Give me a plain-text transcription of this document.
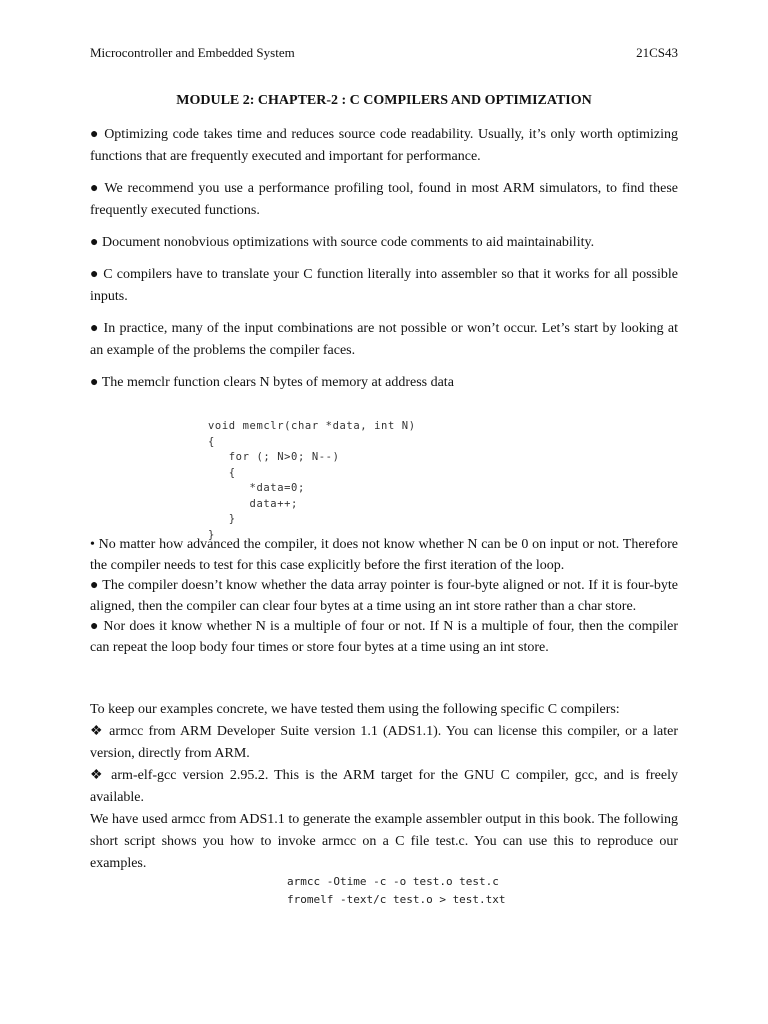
Microcontroller and Embedded System	21CS43
MODULE 2: CHAPTER-2 : C COMPILERS AND OPTIMIZATION

● Optimizing code takes time and reduces source code readability. Usually, it’s only worth optimizing functions that are frequently executed and important for performance.

● We recommend you use a performance profiling tool, found in most ARM simulators, to find these frequently executed functions.

● Document nonobvious optimizations with source code comments to aid maintainability.

● C compilers have to translate your C function literally into assembler so that it works for all possible inputs.

● In practice, many of the input combinations are not possible or won’t occur. Let’s start by looking at an example of the problems the compiler faces.

● The memclr function clears N bytes of memory at address data

void memclr(char *data, int N)
{
for (; N>0; N--)
{
*data=0;
data++;
}
}

• No matter how advanced the compiler, it does not know whether N can be 0 on input or not. Therefore the compiler needs to test for this case explicitly before the first iteration of the loop.

● The compiler doesn’t know whether the data array pointer is four-byte aligned or not. If it is four-byte aligned, then the compiler can clear four bytes at a time using an int store rather than a char store.

● Nor does it know whether N is a multiple of four or not. If N is a multiple of four, then the compiler can repeat the loop body four times or store four bytes at a time using an int store.

To keep our examples concrete, we have tested them using the following specific C compilers:

❖ armcc from ARM Developer Suite version 1.1 (ADS1.1). You can license this compiler, or a later version, directly from ARM.

❖ arm-elf-gcc version 2.95.2. This is the ARM target for the GNU C compiler, gcc, and is freely available.

We have used armcc from ADS1.1 to generate the example assembler output in this book. The following short script shows you how to invoke armcc on a C file test.c. You can use this to reproduce our examples.

armcc -Otime -c -o test.o test.c
fromelf -text/c test.o > test.txt
